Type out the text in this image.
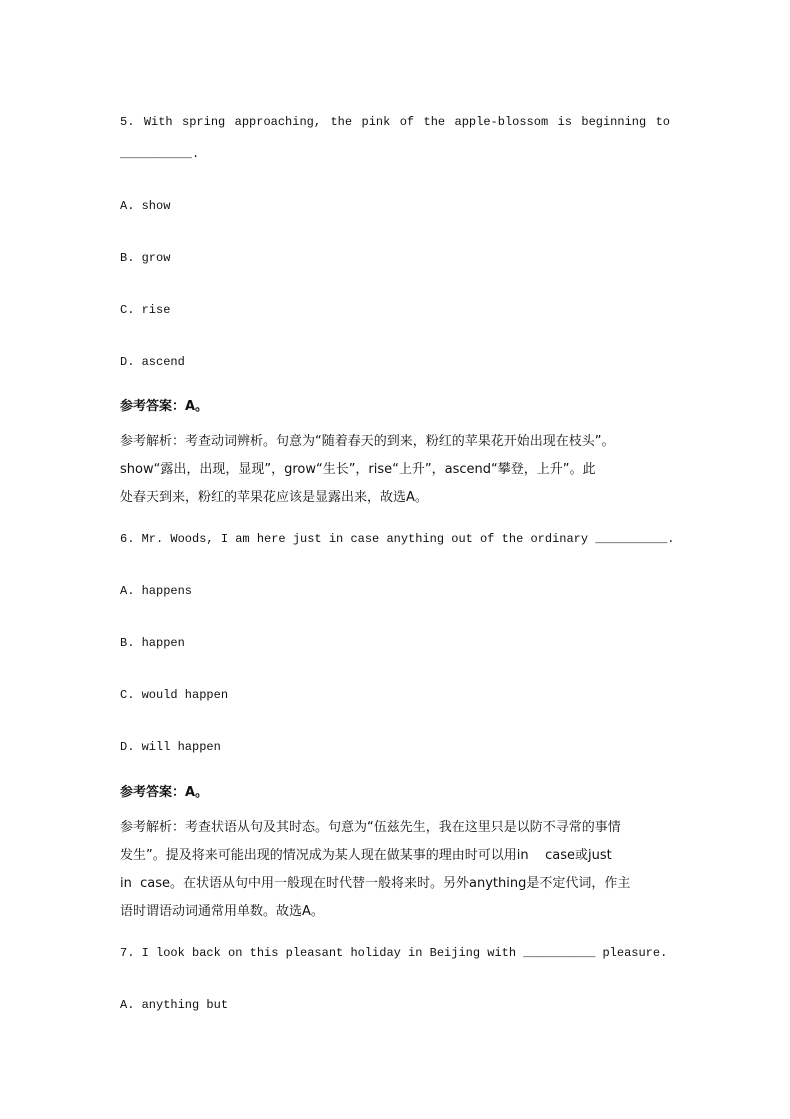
5. With spring approaching, the pink of the apple-blossom is beginning to
__________.
A. show
B. grow
C. rise
D. ascend
参考答案：A。
参考解析：考查动词辨析。句意为“随着春天的到来，粉红的苹果花开始出现在枝头”。
show“露出，出现，显现”，grow“生长”，rise“上升”，ascend“攀登，上升”。此
处春天到来，粉红的苹果花应该是显露出来，故选A。
6. Mr. Woods, I am here just in case anything out of the ordinary __________.
A. happens
B. happen
C. would happen
D. will happen
参考答案：A。
参考解析：考查状语从句及其时态。句意为“伍兹先生，我在这里只是以防不寻常的事情
发生”。提及将来可能出现的情况成为某人现在做某事的理由时可以用in    case或just
in  case。在状语从句中用一般现在时代替一般将来时。另外anything是不定代词，作主
语时谓语动词通常用单数。故选A。
7. I look back on this pleasant holiday in Beijing with __________ pleasure.
A. anything but
